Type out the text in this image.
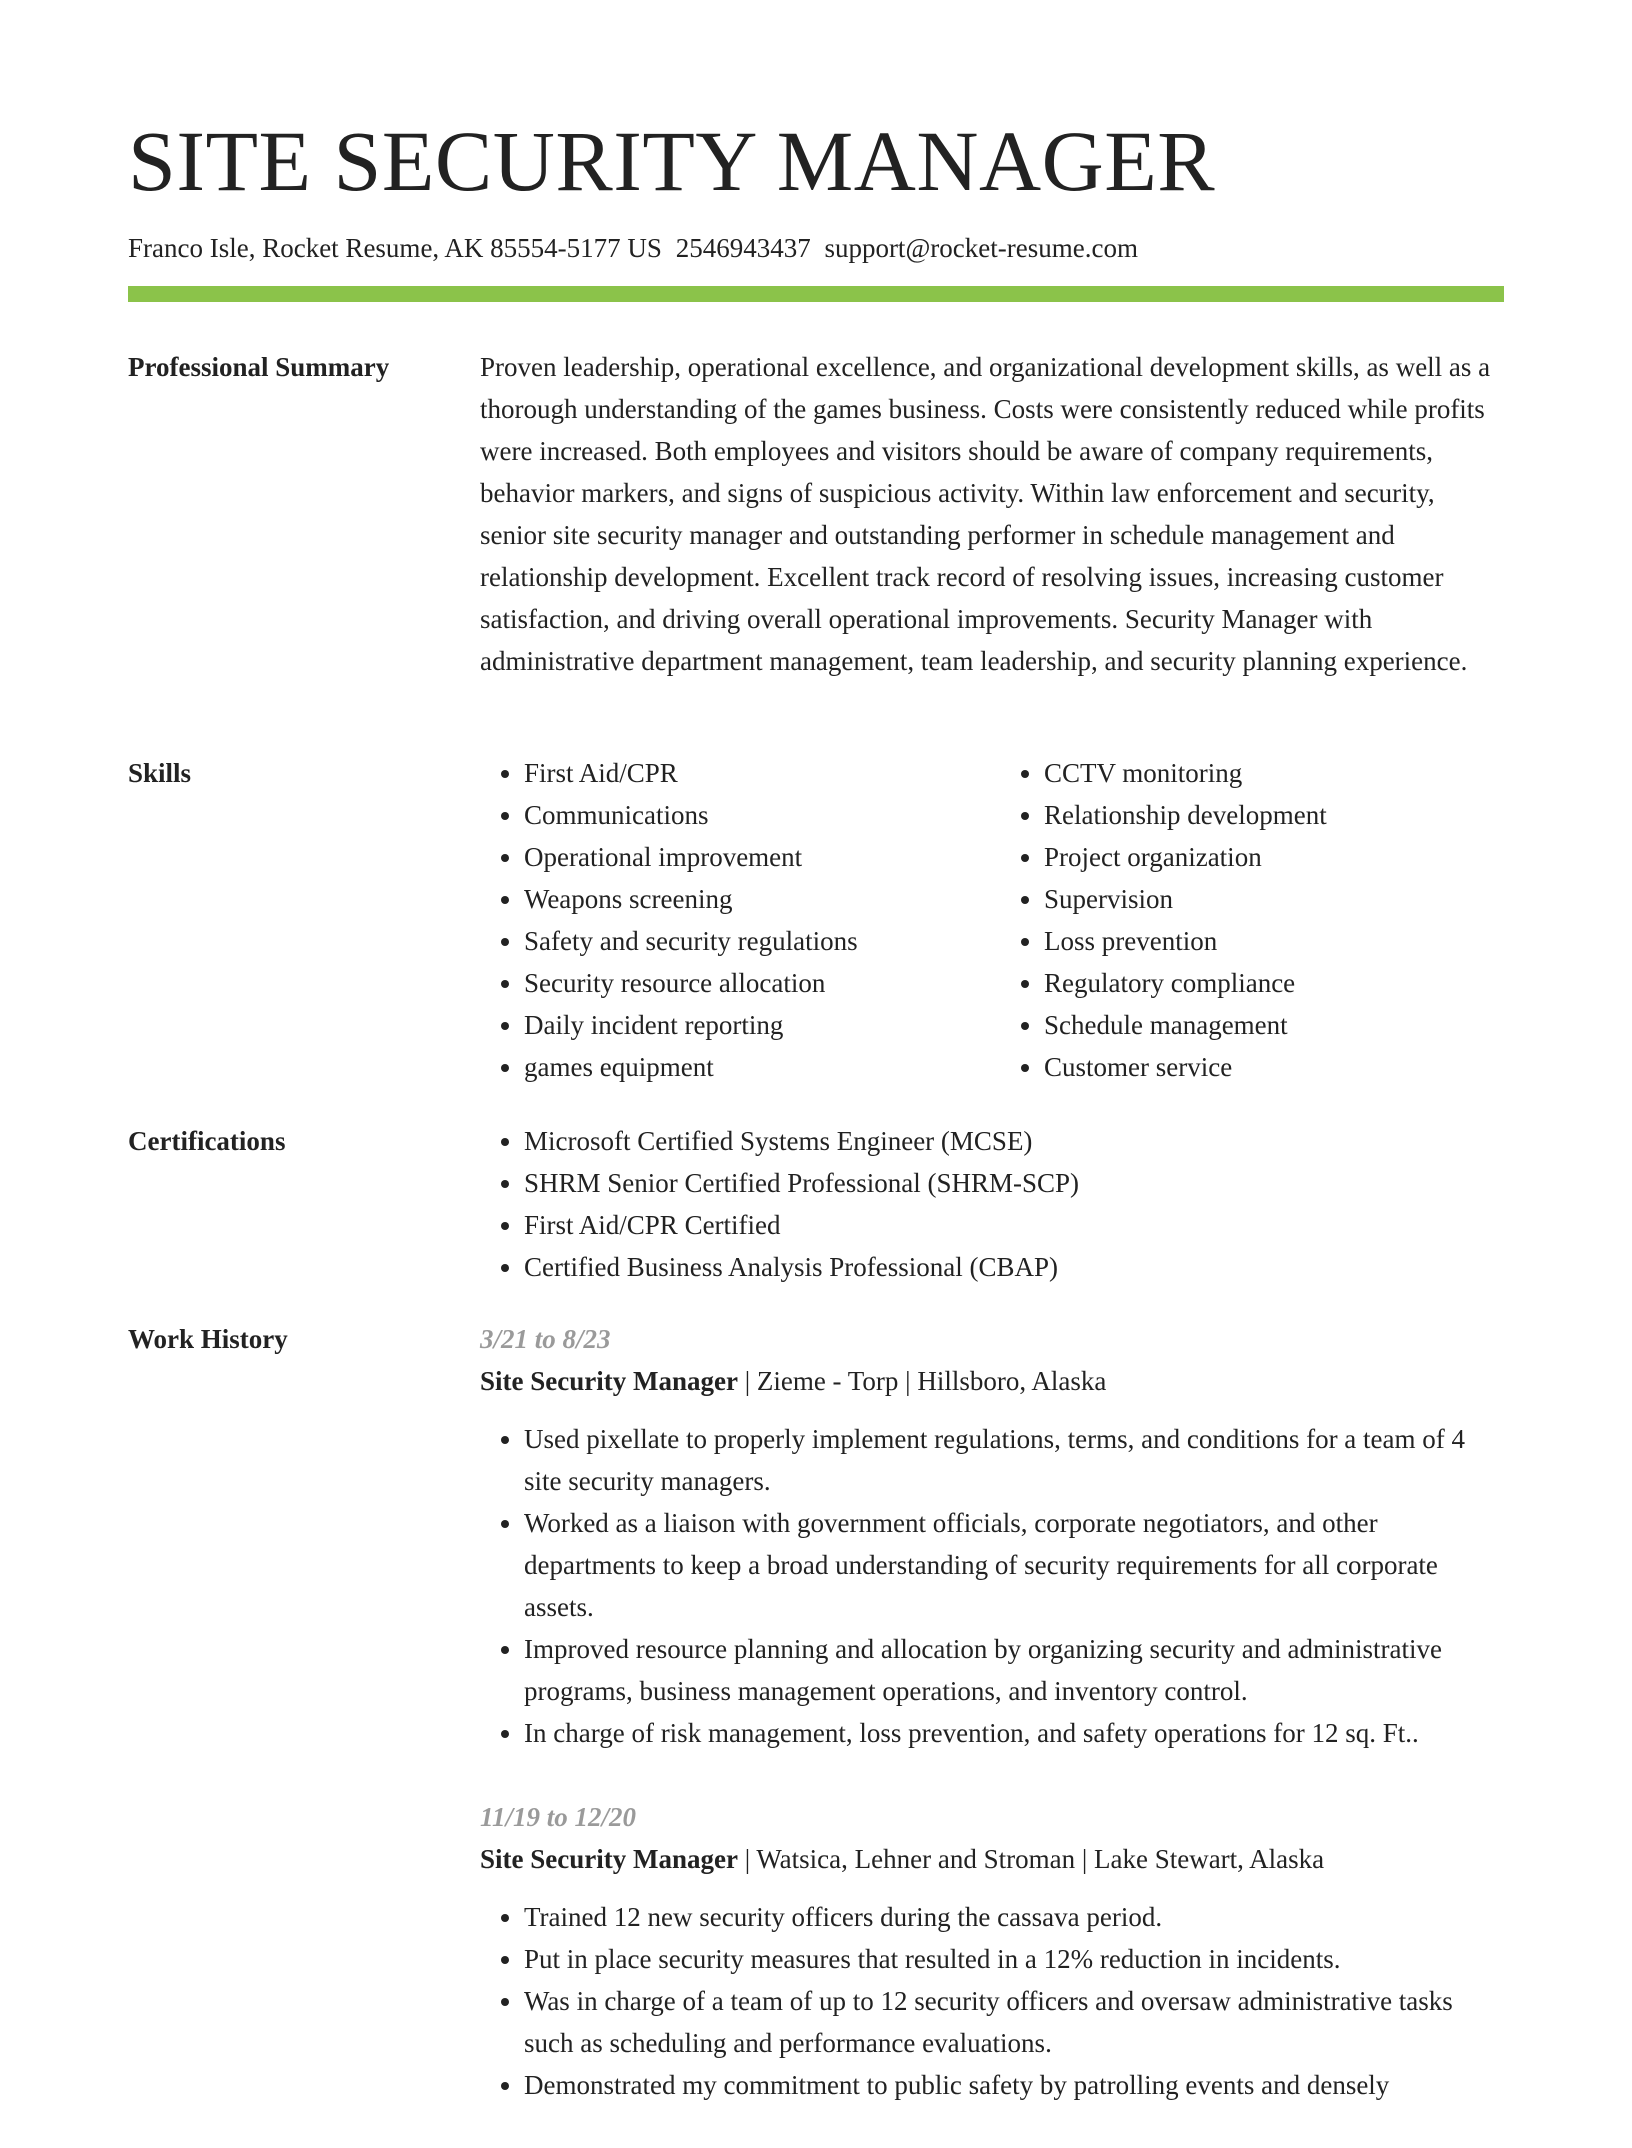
SITE SECURITY MANAGER
Franco Isle, Rocket Resume, AK 85554-5177 US 2546943437 support@rocket-resume.com
Professional Summary	Proven leadership, operational excellence, and organizational development skills, as well as a thorough understanding of the games business. Costs were consistently reduced while profits were increased. Both employees and visitors should be aware of company requirements, behavior markers, and signs of suspicious activity. Within law enforcement and security, senior site security manager and outstanding performer in schedule management and relationship development. Excellent track record of resolving issues, increasing customer satisfaction, and driving overall operational improvements. Security Manager with administrative department management, team leadership, and security planning experience.

Skills	• First Aid/CPR
• Communications
• Operational improvement
• Weapons screening
• Safety and security regulations
• Security resource allocation
• Daily incident reporting
• games equipment
• CCTV monitoring
• Relationship development
• Project organization
• Supervision
• Loss prevention
• Regulatory compliance
• Schedule management
• Customer service
Certifications	• Microsoft Certified Systems Engineer (MCSE)
• SHRM Senior Certified Professional (SHRM-SCP)
• First Aid/CPR Certified
• Certified Business Analysis Professional (CBAP)
Work History	3/21 to 8/23
Site Security Manager | Zieme - Torp | Hillsboro, Alaska
• Used pixellate to properly implement regulations, terms, and conditions for a team of 4 site security managers.
• Worked as a liaison with government officials, corporate negotiators, and other departments to keep a broad understanding of security requirements for all corporate assets.
• Improved resource planning and allocation by organizing security and administrative programs, business management operations, and inventory control.
• In charge of risk management, loss prevention, and safety operations for 12 sq. Ft..
11/19 to 12/20
Site Security Manager | Watsica, Lehner and Stroman | Lake Stewart, Alaska
• Trained 12 new security officers during the cassava period.
• Put in place security measures that resulted in a 12% reduction in incidents.
• Was in charge of a team of up to 12 security officers and oversaw administrative tasks such as scheduling and performance evaluations.
• Demonstrated my commitment to public safety by patrolling events and densely
